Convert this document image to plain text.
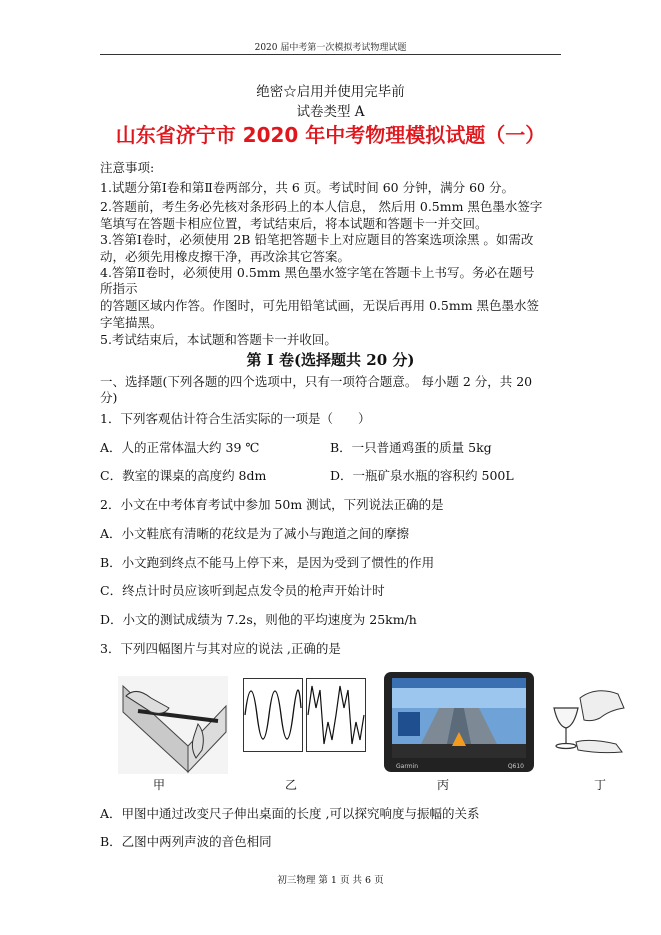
2020 届中考第一次模拟考试物理试题
绝密☆启用并使用完毕前
试卷类型 A
山东省济宁市 2020 年中考物理模拟试题（一）
注意事项:
1.试题分第Ⅰ卷和第Ⅱ卷两部分，共 6 页。考试时间 60 分钟，满分 60 分。
2.答题前，考生务必先核对条形码上的本人信息， 然后用 0.5mm 黑色墨水签字
笔填写在答题卡相应位置，考试结束后，将本试题和答题卡一并交回。
3.答第Ⅰ卷时，必须使用 2B 铅笔把答题卡上对应题目的答案选项涂黑 。如需改
动，必须先用橡皮擦干净，再改涂其它答案。
4.答第Ⅱ卷时，必须使用 0.5mm 黑色墨水签字笔在答题卡上书写。务必在题号
所指示
的答题区域内作答。作图时，可先用铅笔试画，无误后再用 0.5mm 黑色墨水签
字笔描黑。
5.考试结束后，本试题和答题卡一并收回。
第 I 卷(选择题共 20 分)
一、选择题(下列各题的四个选项中，只有一项符合题意。 每小题 2 分，共 20
分)
1．下列客观估计符合生活实际的一项是（　　）
A．人的正常体温大约 39 ℃	B．一只普通鸡蛋的质量 5kg
C．教室的课桌的高度约 8dm	D．一瓶矿泉水瓶的容积约 500L
2．小文在中考体育考试中参加 50m 测试，下列说法正确的是
A．小文鞋底有清晰的花纹是为了减小与跑道之间的摩擦
B．小文跑到终点不能马上停下来，是因为受到了惯性的作用
C．终点计时员应该听到起点发令员的枪声开始计时
D．小文的测试成绩为 7.2s，则他的平均速度为 25km/h
3．下列四幅图片与其对应的说法 ,正确的是
Garmin	Q610
甲	乙	丙	丁
A．甲图中通过改变尺子伸出桌面的长度 ,可以探究响度与振幅的关系
B．乙图中两列声波的音色相同
初三物理 第 1 页 共 6 页
